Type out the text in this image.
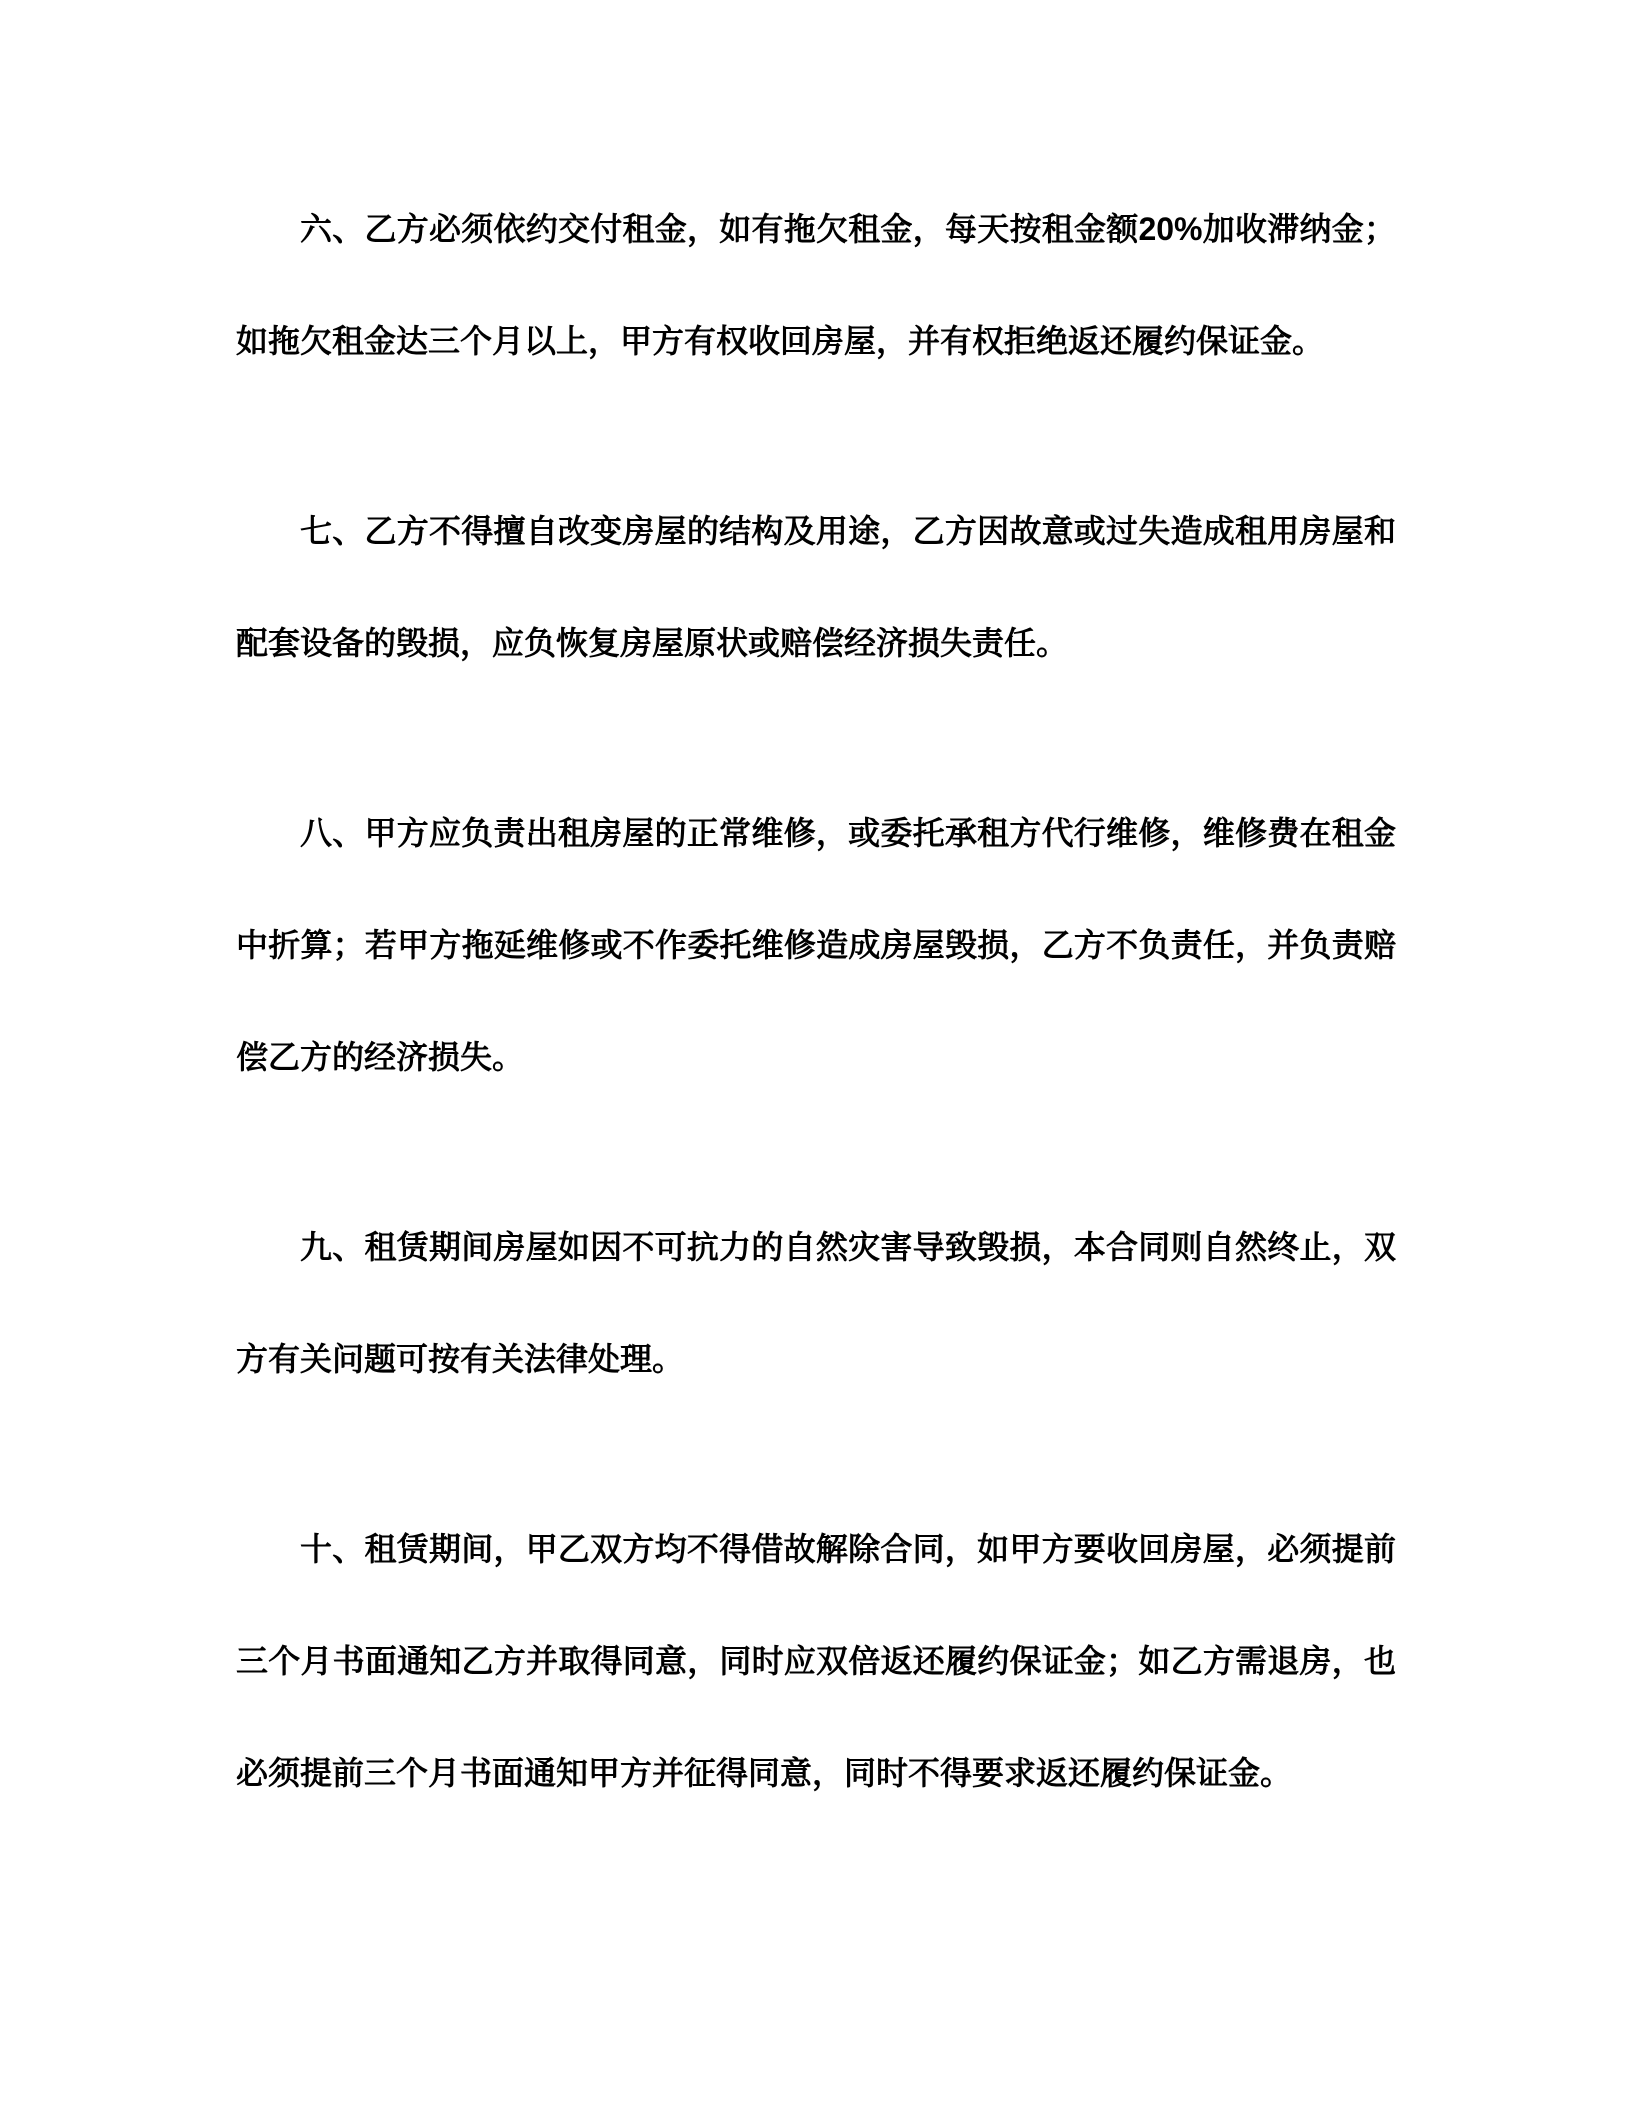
六、乙方必须依约交付租金，如有拖欠租金，每天按租金额20%加收滞纳金；如拖欠租金达三个月以上，甲方有权收回房屋，并有权拒绝返还履约保证金。

七、乙方不得擅自改变房屋的结构及用途，乙方因故意或过失造成租用房屋和配套设备的毁损，应负恢复房屋原状或赔偿经济损失责任。

八、甲方应负责出租房屋的正常维修，或委托承租方代行维修，维修费在租金中折算；若甲方拖延维修或不作委托维修造成房屋毁损，乙方不负责任，并负责赔偿乙方的经济损失。

九、租赁期间房屋如因不可抗力的自然灾害导致毁损，本合同则自然终止，双方有关问题可按有关法律处理。

十、租赁期间，甲乙双方均不得借故解除合同，如甲方要收回房屋，必须提前三个月书面通知乙方并取得同意，同时应双倍返还履约保证金；如乙方需退房，也必须提前三个月书面通知甲方并征得同意，同时不得要求返还履约保证金。
